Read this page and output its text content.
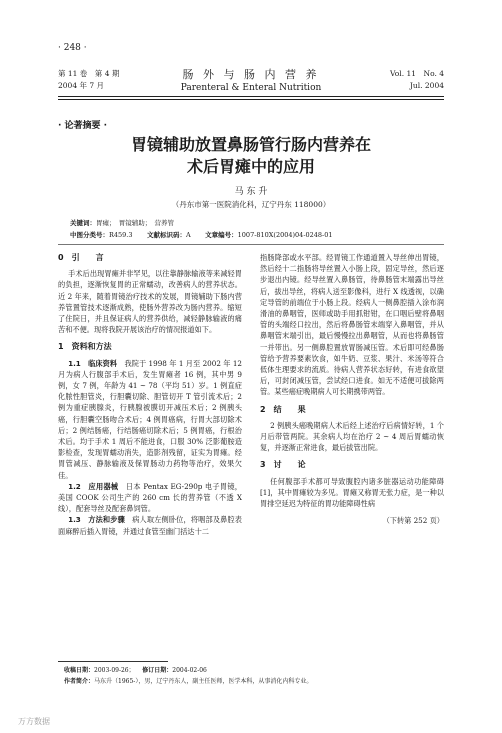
· 248 ·
第 11 卷　第 4 期
2004 年 7 月
肠 外 与 肠 内 营 养
Parenteral & Enteral Nutrition
Vol. 11　No. 4
Jul. 2004
· 论著摘要 ·
胃镜辅助放置鼻肠管行肠内营养在
术后胃瘫中的应用
马 东 升
（丹东市第一医院消化科，辽宁丹东 118000）
关键词：胃瘫；　胃镜辅助；　营养管
中图分类号：R459.3 文献标识码：A 文章编号：1007-810X(2004)04-0248-01
0　引　　言

手术后出现胃瘫并非罕见，以往靠静脉输液等来减轻胃的负担，逐渐恢复胃的正常蠕动，改善病人的营养状态。近 2 年来，随着胃镜治疗技术的发展，胃镜辅助下肠内营养管置管技术逐渐成熟，使肠外营养改为肠内营养。缩短了住院日，并且保证病人的营养供给，减轻静脉输液的痛苦和不便。现将我院开展该治疗的情况报道如下。

1　资料和方法

1.1　临床资料　 我院于 1998 年 1 月至 2002 年 12 月为病人行腹部手术后，发生胃瘫者 16 例，其中男 9 例，女 7 例，年龄为 41 ~ 78（平均 51）岁。1 例直症化脓性胆管炎，行胆囊切除、胆管切开 T 管引流术后；2 例为重症胰腺炎，行胰腺被膜切开减压术后；2 例胰头癌，行胆囊空肠吻合术后；4 例胃癌病，行胃大部切除术后；2 例结肠癌，行结肠癌切除术后；5 例胃癌，行根治术后。均于手术 1 周后不能进食，口服 30% 泛影葡胺造影检查，发现胃蠕动消失，造影剂残留，证实为胃瘫。经胃管减压、静脉输液及保胃肠动力药物等治疗，效果欠佳。

1.2　应用器械　 日本 Pentax EG-290p 电子胃镜，美国 COOK 公司生产的 260 cm 长的营养管（不透 X 线），配套导丝及配套鼻饲管。

1.3　方法和步骤　 病人取左侧卧位，将咽部及鼻腔表面麻醉后插入胃镜，并通过食管至幽门括达十二

指肠降部或水平部。经胃镜工作通道置入导丝伸出胃镜，然后经十二指肠将导丝置入小肠上段，固定导丝，然后逐步退出内镜。经导丝置入鼻肠管，待鼻肠管末端露出导丝后，拔出导丝，将病人送至影像科，进行 X 线透视，以确定导管的前端位于小肠上段。经病人一侧鼻腔插入涂布润滑油的鼻咽管，医师或助手用抓钳钳，在口咽后壁将鼻咽管的头端经口拉出，然后将鼻肠管末端穿入鼻咽管，并从鼻咽管末端引出，最后慢慢拉出鼻咽管，从而也将鼻肠管一并带出。另一侧鼻腔置放胃肠减压管。术后即可经鼻肠管给予营养要素饮食，如牛奶、豆浆、果汁、米汤等符合低体生理要求的流质。待病人营养状态好转，有进食欲望后，可封闭减压管，尝试经口进食。如无不适便可拔除两管。某些癌症晚期病人可长期携带两管。

2　结　　果

2 例胰头癌晚期病人术后经上述治疗后病情好转，1 个月后带管两院。其余病人均在治疗 2 ~ 4 周后胃蠕动恢复，并逐渐正常进食，最后拔管出院。

3　讨　　论

任何腹部手术都可导致腹腔内诸多脏器运动功能障碍[1]，其中胃瘫较为多见。胃瘫又称胃无张力症，是一种以胃排空延迟为特征的胃功能障碍性病

（下转第 252 页）

收稿日期：2003-09-26； 修订日期：2004-02-06
作者简介：马东升（1965-），男，辽宁丹东人，副主任医师，医学本科，从事消化内科专业。
万方数据
